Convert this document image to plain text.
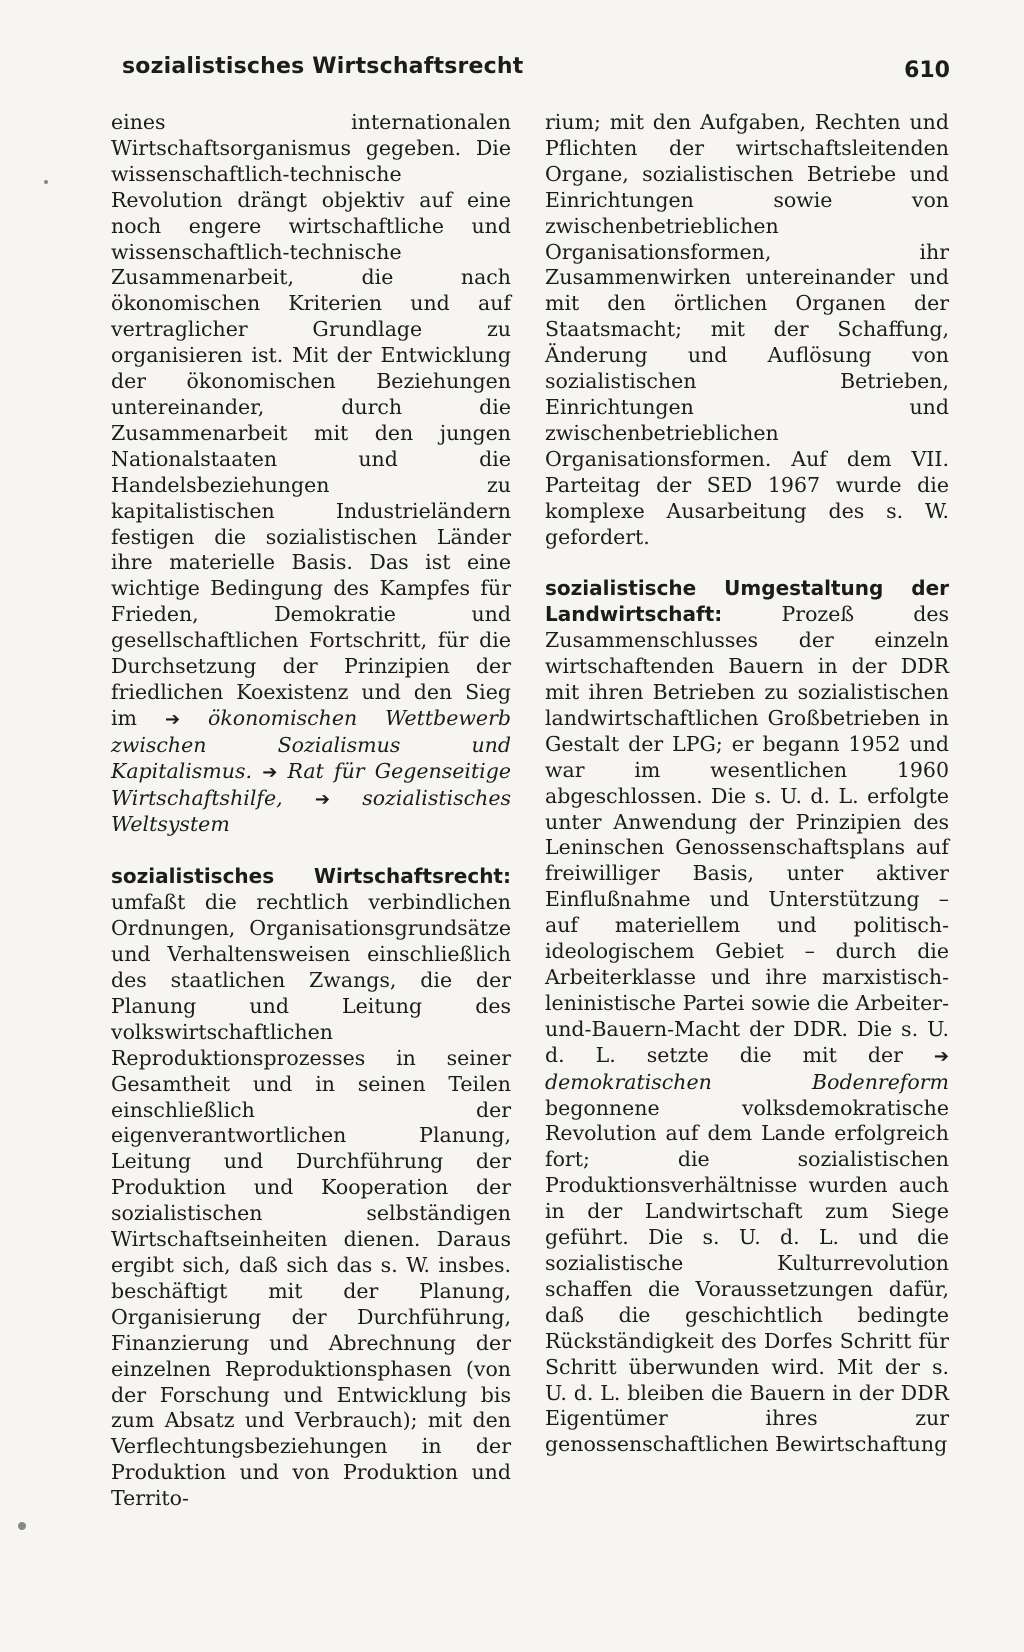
sozialistisches Wirtschaftsrecht	610

eines internationalen Wirtschaftsorganismus gegeben. Die wissenschaftlich-technische Revolution drängt objektiv auf eine noch engere wirtschaftliche und wissenschaftlich-technische Zusammenarbeit, die nach ökonomischen Kriterien und auf vertraglicher Grundlage zu organisieren ist. Mit der Entwicklung der ökonomischen Beziehungen untereinander, durch die Zusammenarbeit mit den jungen Nationalstaaten und die Handelsbeziehungen zu kapitalistischen Industrieländern festigen die sozialistischen Länder ihre materielle Basis. Das ist eine wichtige Bedingung des Kampfes für Frieden, Demokratie und gesellschaftlichen Fortschritt, für die Durchsetzung der Prinzipien der friedlichen Koexistenz und den Sieg im ➔ ökonomischen Wettbewerb zwischen Sozialismus und Kapitalismus. ➔ Rat für Gegenseitige Wirtschaftshilfe, ➔ sozialistisches Weltsystem

sozialistisches Wirtschaftsrecht: umfaßt die rechtlich verbindlichen Ordnungen, Organisationsgrundsätze und Verhaltensweisen einschließlich des staatlichen Zwangs, die der Planung und Leitung des volkswirtschaftlichen Reproduktionsprozesses in seiner Gesamtheit und in seinen Teilen einschließlich der eigenverantwortlichen Planung, Leitung und Durchführung der Produktion und Kooperation der sozialistischen selbständigen Wirtschaftseinheiten dienen. Daraus ergibt sich, daß sich das s. W. insbes. beschäftigt mit der Planung, Organisierung der Durchführung, Finanzierung und Abrechnung der einzelnen Reproduktionsphasen (von der Forschung und Entwicklung bis zum Absatz und Verbrauch); mit den Verflechtungsbeziehungen in der Produktion und von Produktion und Territo-

rium; mit den Aufgaben, Rechten und Pflichten der wirtschaftsleitenden Organe, sozialistischen Betriebe und Einrichtungen sowie von zwischenbetrieblichen Organisationsformen, ihr Zusammenwirken untereinander und mit den örtlichen Organen der Staatsmacht; mit der Schaffung, Änderung und Auflösung von sozialistischen Betrieben, Einrichtungen und zwischenbetrieblichen Organisationsformen. Auf dem VII. Parteitag der SED 1967 wurde die komplexe Ausarbeitung des s. W. gefordert.

sozialistische Umgestaltung der Landwirtschaft:	Prozeß des Zusammenschlusses der einzeln wirtschaftenden Bauern in der DDR mit ihren Betrieben zu sozialistischen landwirtschaftlichen Großbetrieben in Gestalt der LPG; er begann 1952 und war im wesentlichen 1960 abgeschlossen. Die s. U. d. L. erfolgte unter Anwendung der Prinzipien des Leninschen Genossenschaftsplans auf freiwilliger Basis, unter aktiver Einflußnahme und Unterstützung – auf materiellem und politisch-ideologischem Gebiet – durch die Arbeiterklasse und ihre marxistisch-leninistische Partei sowie die Arbeiter-und-Bauern-Macht der DDR. Die s. U. d. L. setzte die mit der ➔ demokratischen Bodenreform begonnene volksdemokratische Revolution auf dem Lande erfolgreich fort; die sozialistischen Produktionsverhältnisse wurden auch in der Landwirtschaft zum Siege geführt. Die s. U. d. L. und die sozialistische Kulturrevolution schaffen die Voraussetzungen dafür, daß die geschichtlich bedingte Rückständigkeit des Dorfes Schritt für Schritt überwunden wird. Mit der s. U. d. L. bleiben die Bauern in der DDR Eigentümer ihres zur genossenschaftlichen Bewirtschaftung
